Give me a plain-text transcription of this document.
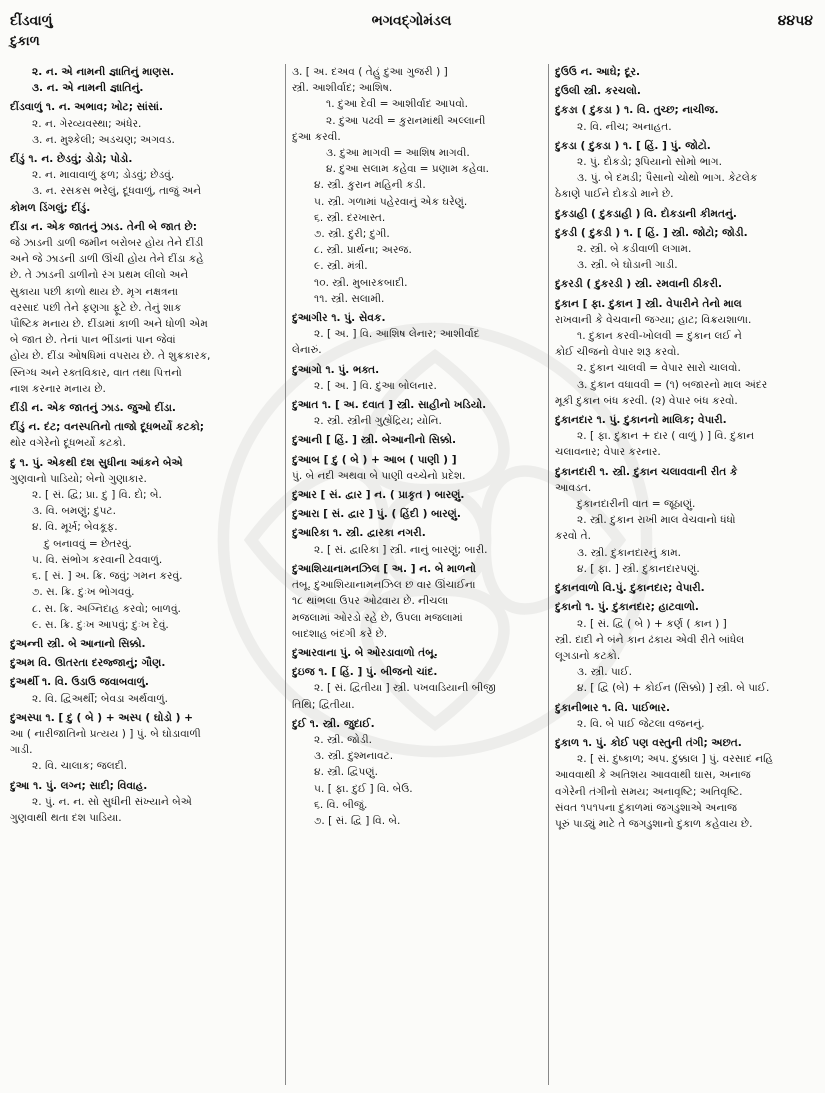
દીંડવાળું	ભગવદ્ગોમંડલ	૪૪૫૪
દુકાળ
૨. ન. એ નામની જ્ઞાતિનું માણસ.
૩. ન. એ નામની જ્ઞાતિનું.
દીંડવાળું ૧. ન. અભાવ; ખોટ; સાંસાં.
૨. ન. ગેરવ્યવસ્થા; અંધેર.
૩. ન. મુશ્કેલી; અડચણ; અગવડ.
દીંડું ૧. ન. છેડવું; ડોડો; પોડો.
૨. ન. માવાવાળું ફળ; ડોડવું; છેડવું.
૩. ન. રસકસ ભરેલું, દૂધવાળું, તાજું અને
કોમળ ડિંગલું; દીંડું.
દીંડા ન. એક જાતનું ઝાડ. તેની બે જાત છે:
જે ઝાડની ડાળી જમીન બરોબર હોય તેને દીંડી
અને જે ઝાડની ડાળી ઊંચી હોય તેને દીંડા કહે
છે. તે ઝાડની ડાળીનો રંગ પ્રથમ લીલો અને
સુકાયા પછી કાળો થાય છે. મૃગ નક્ષત્રના
વરસાદ પછી તેને ફણગા ફૂટે છે. તેનું શાક
પૌષ્ટિક મનાય છે. દીંડામાં કાળી અને ધોળી એમ
બે જાત છે. તેનાં પાન ભીંડાનાં પાન જેવાં
હોય છે. દીંડા ઓષધિમાં વપરાય છે. તે શુક્રકારક,
સ્નિગ્ધ અને રક્તવિકાર, વાત તથા પિત્તનો
નાશ કરનાર મનાય છે.
દીંડી ન. એક જાતનું ઝાડ. જુઓ દીંડા.
દીંડું ન. દંટ; વનસ્પતિનો તાજો દૂધભર્યો કટકો;
થોર વગેરેનો દૂધભર્યો કટકો.
દુ ૧. પું. એકથી દશ સુધીના આંકને બેએ
ગુણવાનો પાડિયો; બેનો ગુણાકાર.
૨. [ સં. દ્વિ; પ્રા. દુ ] વિ. દો; બે.
૩. વિ. બમણું; દુપટ.
૪. વિ. મૂર્ખ; બેવકૂફ.
દુ બનાવવું = છેતરવું.
૫. વિ. સંભોગ કરવાની ટેવવાળું.
૬. [ સં. ] અ. ક્રિ. જવું; ગમન કરવું.
૭. સ. ક્રિ. દુઃખ ભોગવવું.
૮. સ. ક્રિ. અગ્નિદાહ કરવો; બાળવું.
૯. સ. ક્રિ. દુઃખ આપવું; દુઃખ દેવું.
દુઅન્ની સ્ત્રી. બે આનાનો સિક્કો.
દુઅમ વિ. ઊતરતા દરજ્જાનું; ગૌણ.
દુઅર્થી ૧. વિ. ઉડાઉ જવાબવાળું.
૨. વિ. દ્વિઅર્થી; બેવડા અર્થવાળું.
દુઅસ્પા ૧. [ દુ ( બે ) + અસ્પ ( ઘોડો ) +
આ ( નારીજાતિનો પ્રત્યય ) ] પું. બે ઘોડાવાળી
ગાડી.
૨. વિ. ચાલાક; જલદી.
દુઆ ૧. પું. લગ્ન; સાદી; વિવાહ.
૨. પું. ન. ન. સો સુધીની સંખ્યાને બેએ
ગુણવાથી થતા દશ પાડિયા.
૩. [ અ. દઅવ ( તેહું દુઆ ગુજરી ) ]
સ્ત્રી. આશીર્વાદ; આશિષ.
૧. દુઆ દેવી = આશીર્વાદ આપવો.
૨. દુઆ પઢવી = કુરાનમાંથી અલ્લાની
દુઆ કરવી.
૩. દુઆ માગવી = આશિષ માગવી.
૪. દુઆ સલામ કહેવા = પ્રણામ કહેવા.
૪. સ્ત્રી. કુરાન મહિની કડી.
૫. સ્ત્રી. ગળામાં પહેરવાનું એક ઘરેણું.
૬. સ્ત્રી. દરખાસ્ત.
૭. સ્ત્રી. દુરી; દુગી.
૮. સ્ત્રી. પ્રાર્થના; અરજ.
૯. સ્ત્રી. મંત્રી.
૧૦. સ્ત્રી. મુબારકબાદી.
૧૧. સ્ત્રી. સલામી.
દુઆગીર ૧. પું. સેવક.
૨. [ અ. ] વિ. આશિષ લેનાર; આશીર્વાદ
લેનારું.
દુઆગો ૧. પું. ભક્ત.
૨. [ અ. ] વિ. દુઆ બોલનાર.
દુઆત ૧. [ અ. દવાત ] સ્ત્રી. સાહીનો ખડિયો.
૨. સ્ત્રી. સ્ત્રીની ગુહ્યેંદ્રિય; યોનિ.
દુઆની [ હિં. ] સ્ત્રી. બેઆનીનો સિક્કો.
દુઆબ [ દુ ( બે ) + આબ ( પાણી ) ]
પું. બે નદી અથવા બે પાણી વચ્ચેનો પ્રદેશ.
દુઆર [ સં. દ્વાર ] ન. ( પ્રાકૃત ) બારણું.
દુઆરા [ સં. દ્વાર ] પું. ( હિંદી ) બારણું.
દુઆરિકા ૧. સ્ત્રી. દ્વારકા નગરી.
૨. [ સં. દ્વારિકા ] સ્ત્રી. નાનું બારણું; બારી.
દુઆશિયાનામનઝિલ [ અ. ] ન. બે માળનો
તંબૂ. દુઆશિયાનામનઝિલ છ વાર ઊંચાઈના
૧૮ થાંભલા ઉપર ઓઢવાય છે. નીચલા
મજલામાં ઓરડો રહે છે, ઉપલા મજલામાં
બાદશાહ બંદગી કરે છે.
દુઆરવાના પું. બે ઓરડાવાળો તંબૂ.
દુઇજ ૧. [ હિં. ] પું. બીજનો ચાંદ.
૨. [ સં. દ્વિતીયા ] સ્ત્રી. પખવાડિયાની બીજી
તિથિ; દ્વિતીયા.
દુઈ ૧. સ્ત્રી. જુદાઈ.
૨. સ્ત્રી. જોડી.
૩. સ્ત્રી. દુશ્મનાવટ.
૪. સ્ત્રી. દ્વિપણું.
૫. [ ફા. દુઈ ] વિ. બેઉ.
૬. વિ. બીજું.
૭. [ સં. દ્વિ ] વિ. બે.
દુઉઉ ન. આઘે; દૂર.
દુઉલી સ્ત્રી. કરચલો.
દુકઙા ( દુકડા ) ૧. વિ. તુચ્છ; નાચીજ.
૨. વિ. નીચ; અનાહત.
દુકડા ( દુકડા ) ૧. [ હિં. ] પું. જોટો.
૨. પું. દોકડો; રૂપિયાનો સોમો ભાગ.
૩. પું. બે દમડી; પૈસાનો ચોથો ભાગ. કેટલેક
ઠેકાણે પાઈને દોકડો માને છે.
દુકડાહી ( દુકડાહી ) વિ. દોકડાની કીમતનું.
દુકડી ( દુકડી ) ૧. [ હિં. ] સ્ત્રી. જોટો; જોડી.
૨. સ્ત્રી. બે કડીવાળી લગામ.
૩. સ્ત્રી. બે ઘોડાની ગાડી.
દુકરડી ( દુકરડી ) સ્ત્રી. રમવાની ઠીકરી.
દુકાન [ ફા. દુકાન ] સ્ત્રી. વેપારીને તેનો માલ
રાખવાની કે વેચવાની જગ્યા; હાટ; વિક્રયશાળા.
૧. દુકાન કરવી-ખોલવી = દુકાન લઈ ને
કોઈ ચીજનો વેપાર શરૂ કરવો.
૨. દુકાન ચાલવી = વેપાર સારો ચાલવો.
૩. દુકાન વધાવવી = (૧) બજારનો માલ અંદર
મૂકી દુકાન બંધ કરવી. (૨) વેપાર બંધ કરવો.
દુકાનદાર ૧. પું. દુકાનનો માલિક; વેપારી.
૨. [ ફા. દુકાન + દાર ( વાળું ) ] વિ. દુકાન
ચલાવનાર; વેપાર કરનાર.
દુકાનદારી ૧. સ્ત્રી. દુકાન ચલાવવાની રીત કે
આવડત.
દુકાનદારીની વાત = જૂઠાણું.
૨. સ્ત્રી. દુકાન રાખી માલ વેચવાનો ધંધો
કરવો તે.
૩. સ્ત્રી. દુકાનદારનું કામ.
૪. [ ફા. ] સ્ત્રી. દુકાનદારપણું.
દુકાનવાળો વિ.પું. દુકાનદાર; વેપારી.
દુકાનો ૧. પું. દુકાનદાર; હાટવાળો.
૨. [ સં. દ્વિ ( બે ) + કર્ણ ( કાન ) ]
સ્ત્રી. દાદી ને બંને કાન ઢંકાય એવી રીતે બાંધેલ
લૂગડાનો કટકો.
૩. સ્ત્રી. પાઈ.
૪. [ દ્વિ (બે) + કોઈન (સિક્કો) ] સ્ત્રી. બે પાઈ.
દુકાનીભાર ૧. વિ. પાઈભાર.
૨. વિ. બે પાઈ જેટલા વજનનું.
દુકાળ ૧. પું. કોઈ પણ વસ્તુની તંગી; અછત.
૨. [ સં. દુષ્કાળ; અપ. દુક્કાલ ] પું. વરસાદ નહિ
આવવાથી કે અતિશય આવવાથી ઘાસ, અનાજ
વગેરેની તંગીનો સમય; અનાવૃષ્ટિ; અતિવૃષ્ટિ.
સંવત ૧૫૧૫ના દુકાળમાં જગડુશાએ અનાજ
પૂરું પાડ્યું માટે તે જગડુશાનો દુકાળ કહેવાય છે.
